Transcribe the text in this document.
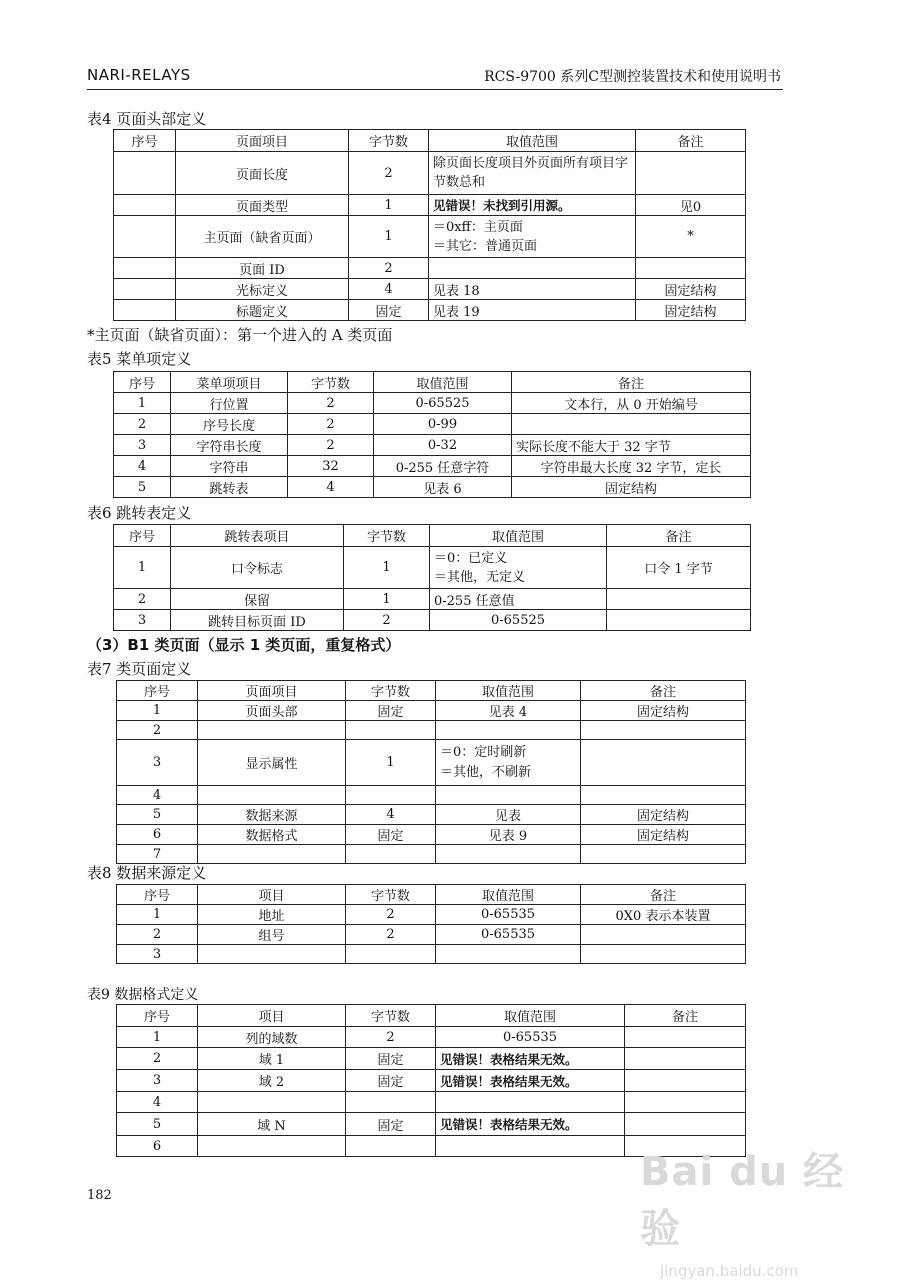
NARI-RELAYS	RCS-9700 系列C型测控装置技术和使用说明书
表4 页面头部定义
序号	页面项目	字节数	取值范围	备注
	页面长度	2	除页面长度项目外页面所有项目字节数总和	
	页面类型	1	见错误！未找到引用源。	见0
	主页面（缺省页面）	1	＝0xff：主页面
＝其它：普通页面	*
	页面 ID	2		
	光标定义	4	见表 18	固定结构
	标题定义	固定	见表 19	固定结构
*主页面（缺省页面）：第一个进入的 A 类页面
表5 菜单项定义
序号	菜单项项目	字节数	取值范围	备注
1	行位置	2	0-65525	文本行，从 0 开始编号
2	序号长度	2	0-99	
3	字符串长度	2	0-32	实际长度不能大于 32 字节
4	字符串	32	0-255 任意字符	字符串最大长度 32 字节，定长
5	跳转表	4	见表 6	固定结构
表6 跳转表定义
序号	跳转表项目	字节数	取值范围	备注
1	口令标志	1	＝0：已定义
＝其他，无定义	口令 1 字节
2	保留	1	0-255 任意值	
3	跳转目标页面 ID	2	0-65525	
（3）B1 类页面（显示 1 类页面，重复格式）
表7 类页面定义
序号	页面项目	字节数	取值范围	备注
1	页面头部	固定	见表 4	固定结构
2				
3	显示属性	1	＝0：定时刷新
＝其他，不刷新	

4				
5	数据来源	4	见表	固定结构
6	数据格式	固定	见表 9	固定结构
7				
表8 数据来源定义
序号	项目	字节数	取值范围	备注
1	地址	2	0-65535	0X0 表示本装置
2	组号	2	0-65535	
3				
表9 数据格式定义
序号	项目	字节数	取值范围	备注
1	列的域数	2	0-65535	
2	域 1	固定	见错误！表格结果无效。	
3	域 2	固定	见错误！表格结果无效。	
4				
5	域 N	固定	见错误！表格结果无效。	
6				
182
Bai du 经验
jingyan.baidu.com
